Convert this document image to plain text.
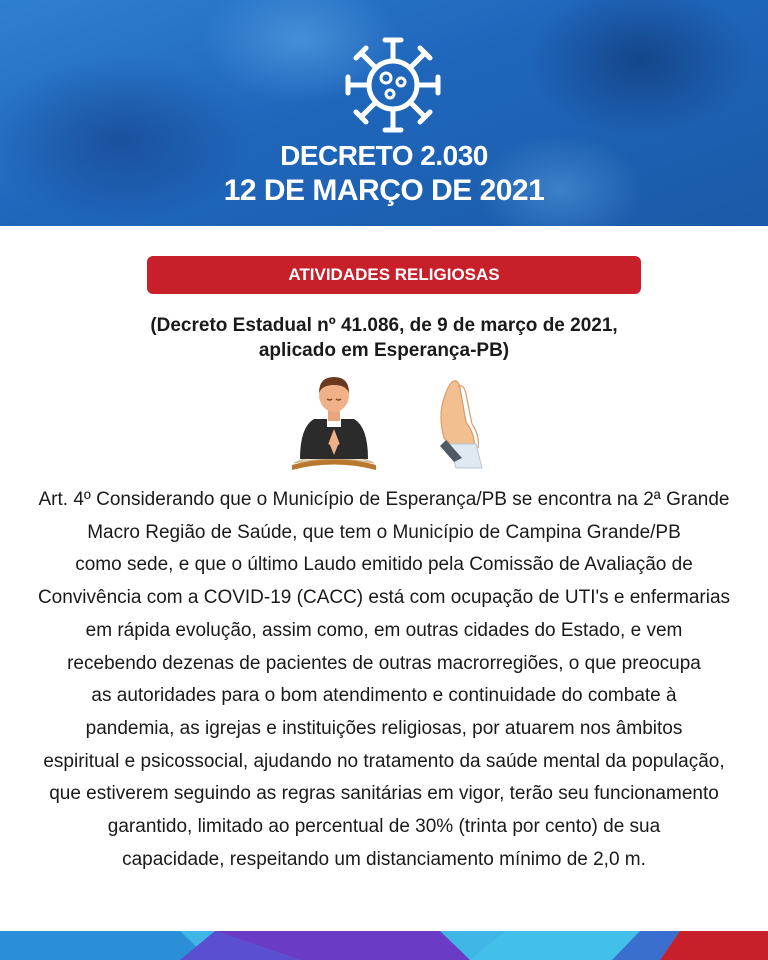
DECRETO 2.030
12 DE MARÇO DE 2021
ATIVIDADES RELIGIOSAS
(Decreto Estadual nº 41.086, de 9 de março de 2021,
aplicado em Esperança-PB)
Art. 4º Considerando que o Município de Esperança/PB se encontra na 2ª Grande
Macro Região de Saúde, que tem o Município de Campina Grande/PB
como sede, e que o último Laudo emitido pela Comissão de Avaliação de
Convivência com a COVID-19 (CACC) está com ocupação de UTI's e enfermarias
em rápida evolução, assim como, em outras cidades do Estado, e vem
recebendo dezenas de pacientes de outras macrorregiões, o que preocupa
as autoridades para o bom atendimento e continuidade do combate à
pandemia, as igrejas e instituições religiosas, por atuarem nos âmbitos
espiritual e psicossocial, ajudando no tratamento da saúde mental da população,
que estiverem seguindo as regras sanitárias em vigor, terão seu funcionamento
garantido, limitado ao percentual de 30% (trinta por cento) de sua
capacidade, respeitando um distanciamento mínimo de 2,0 m.
